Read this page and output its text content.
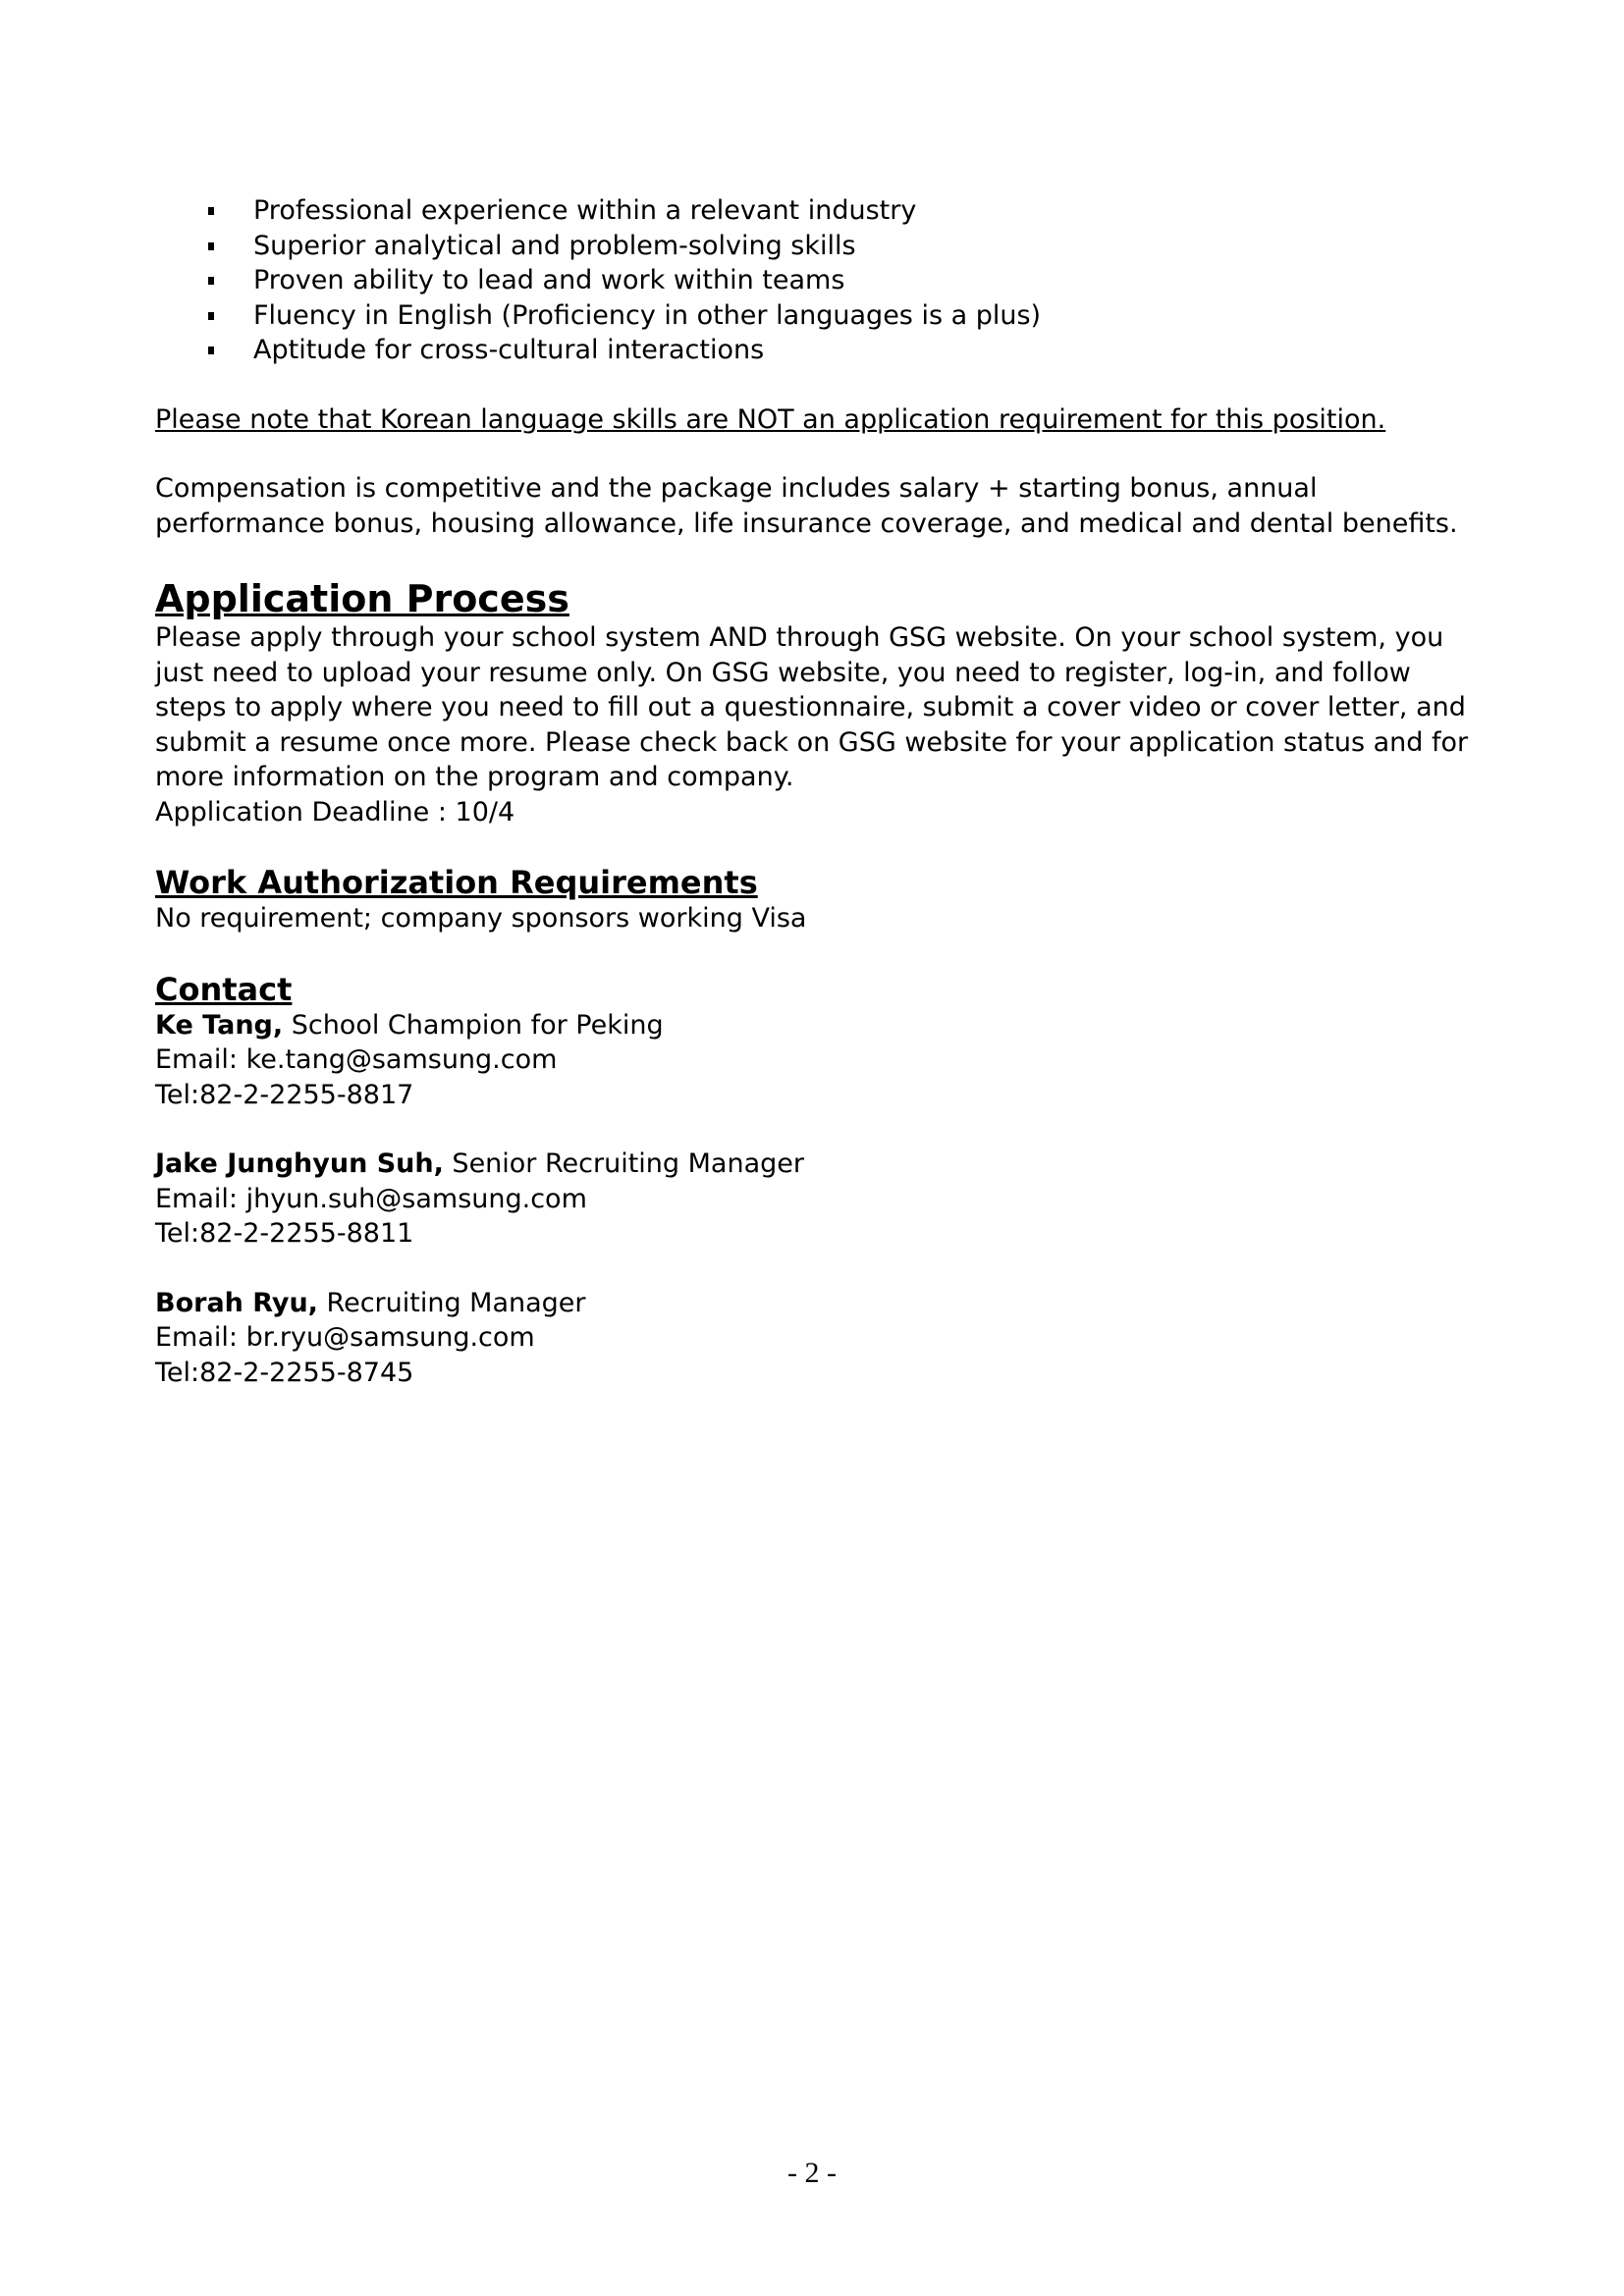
Professional experience within a relevant industry
Superior analytical and problem-solving skills
Proven ability to lead and work within teams
Fluency in English (Proficiency in other languages is a plus)
Aptitude for cross-cultural interactions

Please note that Korean language skills are NOT an application requirement for this position.

Compensation is competitive and the package includes salary + starting bonus, annual performance bonus, housing allowance, life insurance coverage, and medical and dental benefits.

Application Process

Please apply through your school system AND through GSG website. On your school system, you just need to upload your resume only. On GSG website, you need to register, log-in, and follow steps to apply where you need to fill out a questionnaire, submit a cover video or cover letter, and submit a resume once more. Please check back on GSG website for your application status and for more information on the program and company.

Application Deadline : 10/4

Work Authorization Requirements

No requirement; company sponsors working Visa

Contact

Ke Tang, School Champion for Peking

Email: ke.tang@samsung.com

Tel:82-2-2255-8817

Jake Junghyun Suh, Senior Recruiting Manager

Email: jhyun.suh@samsung.com

Tel:82-2-2255-8811

Borah Ryu, Recruiting Manager

Email: br.ryu@samsung.com

Tel:82-2-2255-8745

- 2 -
